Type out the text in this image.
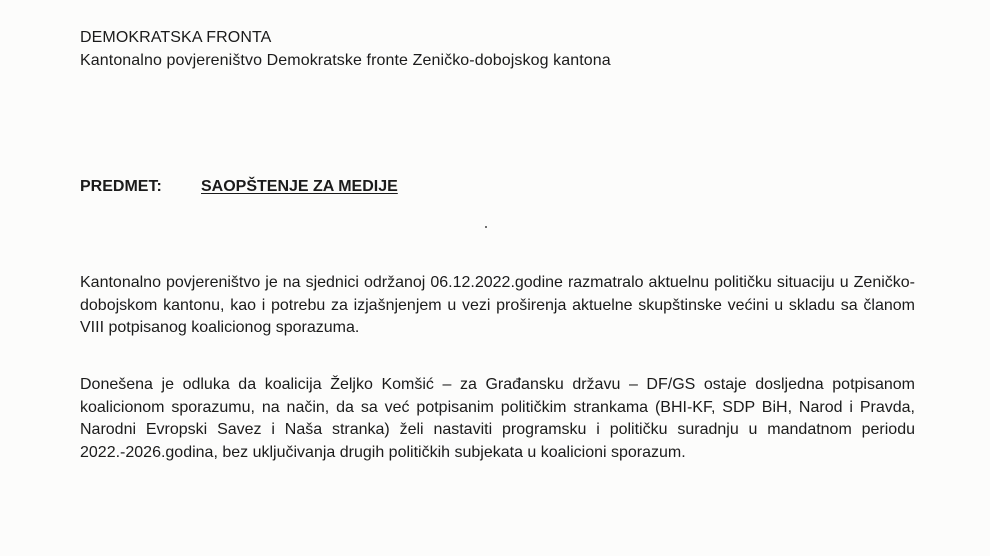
DEMOKRATSKA FRONTA
Kantonalno povjereništvo Demokratske fronte Zeničko-dobojskog kantona
PREDMET: SAOPŠTENJE ZA MEDIJE

Kantonalno povjereništvo je na sjednici održanoj 06.12.2022.godine razmatralo aktuelnu političku situaciju u Zeničko-dobojskom kantonu, kao i potrebu za izjašnjenjem u vezi proširenja aktuelne skupštinske većini u skladu sa članom VIII potpisanog koalicionog sporazuma.

Donešena je odluka da koalicija Željko Komšić – za Građansku državu – DF/GS ostaje dosljedna potpisanom koalicionom sporazumu, na način, da sa već potpisanim političkim strankama (BHI-KF, SDP BiH, Narod i Pravda, Narodni Evropski Savez i Naša stranka) želi nastaviti programsku i političku suradnju u mandatnom periodu 2022.-2026.godina, bez uključivanja drugih političkih subjekata u koalicioni sporazum.
